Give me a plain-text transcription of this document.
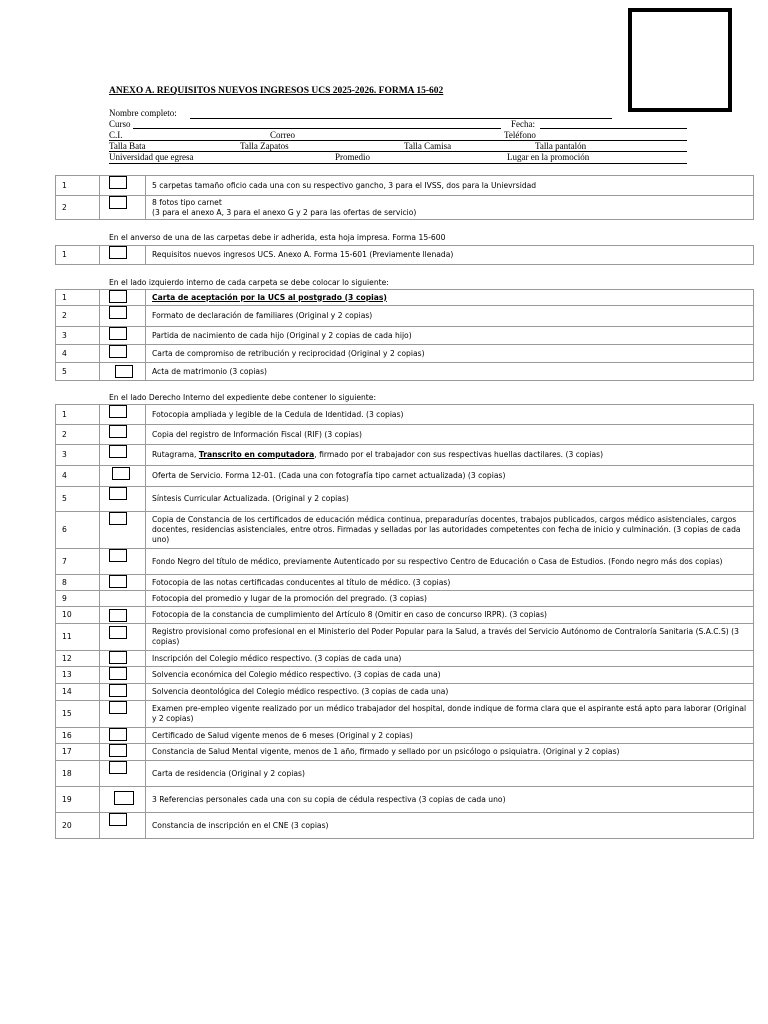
ANEXO A. REQUISITOS NUEVOS INGRESOS UCS 2025-2026. FORMA 15-602
Nombre completo:
Curso	Fecha:
C.I.	Correo	Teléfono
Talla Bata	Talla Zapatos	Talla Camisa	Talla pantalón
Universidad que egresa	Promedio	Lugar en la promoción
1		5 carpetas tamaño oficio cada una con su respectivo gancho, 3 para el IVSS, dos para la Unievrsidad
2		8 fotos tipo carnet
(3 para el anexo A, 3 para el anexo G y 2 para las ofertas de servicio)
En el anverso de una de las carpetas debe ir adherida, esta hoja impresa. Forma 15-600
1		Requisitos nuevos ingresos UCS. Anexo A. Forma 15-601 (Previamente llenada)
En el lado izquierdo interno de cada carpeta se debe colocar lo siguiente:
1		Carta de aceptación por la UCS al postgrado (3 copias)
2		Formato de declaración de familiares (Original y 2 copias)
3		Partida de nacimiento de cada hijo (Original y 2 copias de cada hijo)
4		Carta de compromiso de retribución y reciprocidad (Original y 2 copias)
5		Acta de matrimonio (3 copias)
En el lado Derecho Interno del expediente debe contener lo siguiente:
1		Fotocopia ampliada y legible de la Cedula de Identidad. (3 copias)
2		Copia del registro de Información Fiscal (RIF) (3 copias)
3		Rutagrama, Transcrito en computadora, firmado por el trabajador con sus respectivas huellas dactilares. (3 copias)
4		Oferta de Servicio. Forma 12-01. (Cada una con fotografía tipo carnet actualizada) (3 copias)
5		Síntesis Curricular Actualizada. (Original y 2 copias)
6		Copia de Constancia de los certificados de educación médica continua, preparadurías docentes, trabajos publicados, cargos médico asistenciales, cargos docentes, residencias asistenciales, entre otros. Firmadas y selladas por las autoridades competentes con fecha de inicio y culminación. (3 copias de cada uno)
7		Fondo Negro del título de médico, previamente Autenticado por su respectivo Centro de Educación o Casa de Estudios. (Fondo negro más dos copias)
8		Fotocopia de las notas certificadas conducentes al título de médico. (3 copias)
9		Fotocopia del promedio y lugar de la promoción del pregrado. (3 copias)
10		Fotocopia de la constancia de cumplimiento del Artículo 8 (Omitir en caso de concurso IRPR). (3 copias)
11		Registro provisional como profesional en el Ministerio del Poder Popular para la Salud, a través del Servicio Autónomo de Contraloría Sanitaria (S.A.C.S) (3 copias)
12		Inscripción del Colegio médico respectivo. (3 copias de cada una)
13		Solvencia económica del Colegio médico respectivo. (3 copias de cada una)
14		Solvencia deontológica del Colegio médico respectivo. (3 copias de cada una)
15		Examen pre-empleo vigente realizado por un médico trabajador del hospital, donde indique de forma clara que el aspirante está apto para laborar (Original y 2 copias)
16		Certificado de Salud vigente menos de 6 meses (Original y 2 copias)
17		Constancia de Salud Mental vigente, menos de 1 año, firmado y sellado por un psicólogo o psiquiatra. (Original y 2 copias)
18		Carta de residencia (Original y 2 copias)
19		3 Referencias personales cada una con su copia de cédula respectiva (3 copias de cada uno)
20		Constancia de inscripción en el CNE (3 copias)
